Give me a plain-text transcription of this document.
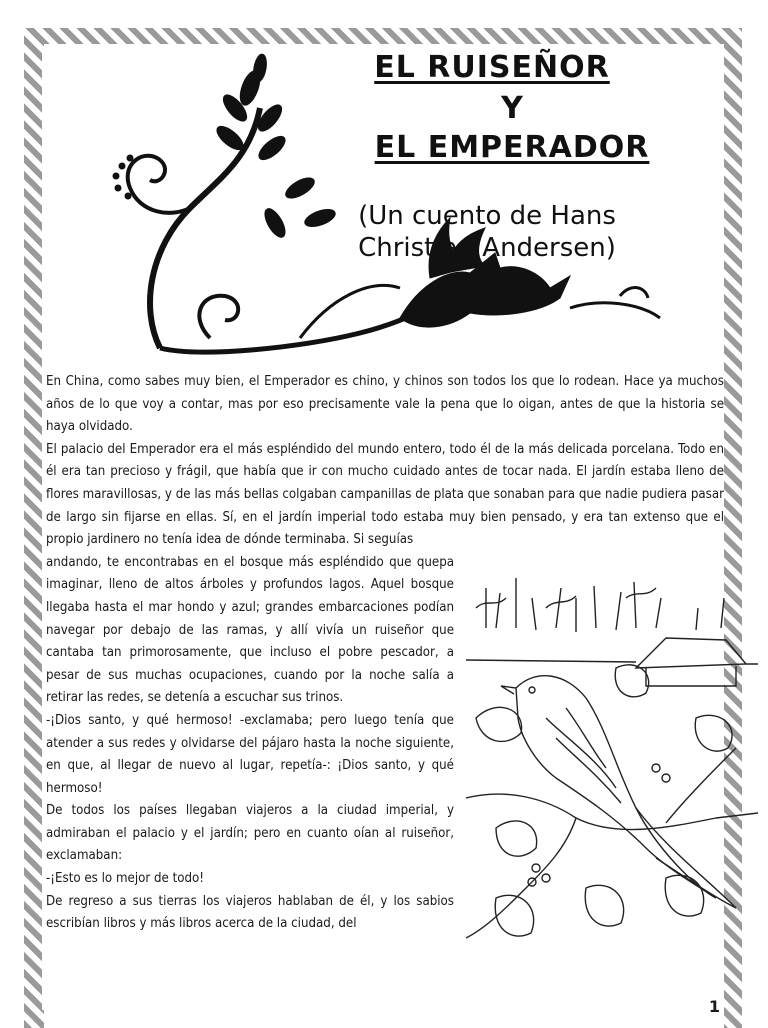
EL RUISEÑOR
Y
EL EMPERADOR
(Un cuento de Hans
Christian Andersen)

En China, como sabes muy bien, el Emperador es chino, y chinos son todos los que lo rodean. Hace ya muchos años de lo que voy a contar, mas por eso precisamente vale la pena que lo oigan, antes de que la historia se haya olvidado.

El palacio del Emperador era el más espléndido del mundo entero, todo él de la más delicada porcelana. Todo en él era tan precioso y frágil, que había que ir con mucho cuidado antes de tocar nada. El jardín estaba lleno de flores maravillosas, y de las más bellas colgaban campanillas de plata que sonaban para que nadie pudiera pasar de largo sin fijarse en ellas. Sí, en el jardín imperial todo estaba muy bien pensado, y era tan extenso que el propio jardinero no tenía idea de dónde terminaba. Si seguías

andando, te encontrabas en el bosque más espléndido que quepa imaginar, lleno de altos árboles y profundos lagos. Aquel bosque llegaba hasta el mar hondo y azul; grandes embarcaciones podían navegar por debajo de las ramas, y allí vivía un ruiseñor que cantaba tan primorosamente, que incluso el pobre pescador, a pesar de sus muchas ocupaciones, cuando por la noche salía a retirar las redes, se detenía a escuchar sus trinos.

-¡Dios santo, y qué hermoso! -exclamaba; pero luego tenía que atender a sus redes y olvidarse del pájaro hasta la noche siguiente, en que, al llegar de nuevo al lugar, repetía-: ¡Dios santo, y qué hermoso!

De todos los países llegaban viajeros a la ciudad imperial, y admiraban el palacio y el jardín; pero en cuanto oían al ruiseñor, exclamaban:

-¡Esto es lo mejor de todo!

De regreso a sus tierras los viajeros hablaban de él, y los sabios escribían libros y más libros acerca de la ciudad, del

1
